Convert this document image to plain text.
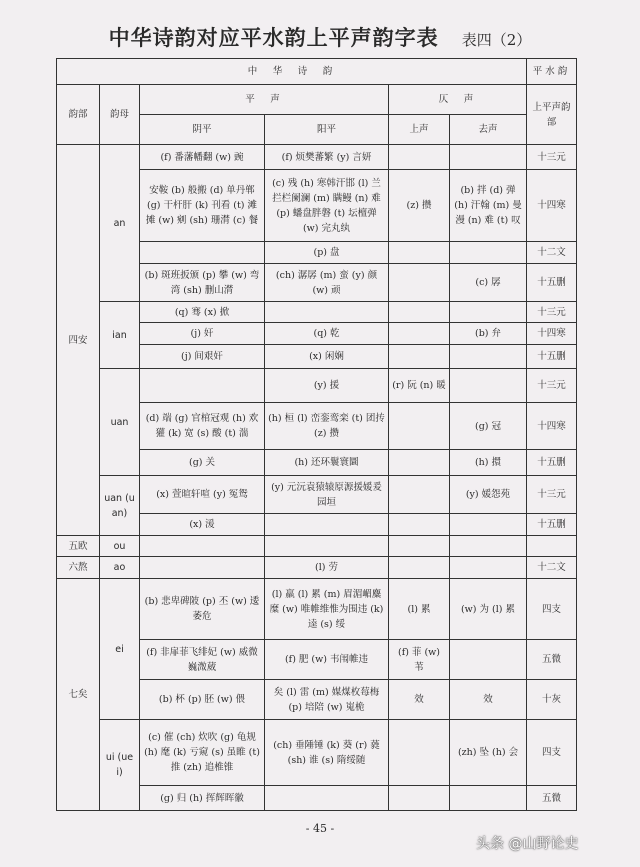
中华诗韵对应平水韵上平声韵字表 表四（2）
中　华　诗　韵						平水韵
韵部	韵母	平　声		仄　声		上平声韵部
		阴平	阳平	上声	去声	
四安	an	(f) 番藩幡翻 (w) 豌	(f) 烦樊蕃繁 (y) 言妍			十三元
		安鞍 (b) 般搬 (d) 单丹郸 (g) 干杆肝 (k) 刊看 (t) 滩摊 (w) 剜 (sh) 珊潸 (c) 餐	(c) 残 (h) 寒韩汗邯 (l) 兰拦栏阑澜 (m) 瞒鳗 (n) 难 (p) 蟠盘胖磐 (t) 坛檀弹 (w) 完丸纨	(z) 攒	(b) 拌 (d) 弹 (h) 汗翰 (m) 曼漫 (n) 难 (t) 叹	十四寒
			(p) 盘			十二文
		(b) 斑班扳颁 (p) 攀 (w) 弯湾 (sh) 删山潸	(ch) 潺孱 (m) 蛮 (y) 颜 (w) 顽		(c) 孱	十五删
	ian	(q) 骞 (x) 掀				十三元
		(j) 奸	(q) 乾		(b) 弁	十四寒
		(j) 间艰奸	(x) 闲娴			十五删
	uan		(y) 援	(r) 阮 (n) 暖		十三元
		(d) 端 (g) 官棺冠观 (h) 欢獾 (k) 宽 (s) 酸 (t) 湍	(h) 桓 (l) 峦銮鸾栾 (t) 团抟 (z) 攒		(g) 冠	十四寒
		(g) 关	(h) 还环鬟寰圜		(h) 擐	十五删
	uan (uan)	(x) 萱暄轩喧 (y) 冤鸳	(y) 元沅袁猿辕原源援媛爰园垣		(y) 媛怨苑	十三元
		(x) 湲				十五删
五欧	ou					
六熬	ao		(l) 劳			十二文
七矣	ei	(b) 悲卑碑陂 (p) 丕 (w) 逶萎危	(l) 羸 (l) 累 (m) 眉湄嵋麋糜 (w) 唯帷维惟为围违 (k) 逵 (s) 绥	(l) 累	(w) 为 (l) 累	四支
		(f) 非扉菲飞绯妃 (w) 威微巍溦葳	(f) 肥 (w) 韦闱帷违	(f) 菲 (w) 苇		五微
		(b) 杯 (p) 胚 (w) 偎	矣 (l) 雷 (m) 媒煤枚莓梅 (p) 培陪 (w) 嵬桅	效	效	十灰
	ui (uei)	(c) 催 (ch) 炊吹 (g) 龟规 (h) 麾 (k) 亏窥 (s) 虽睢 (t) 推 (zh) 追椎锥	(ch) 垂陲锤 (k) 葵 (r) 蕤 (sh) 谁 (s) 隋绥随		(zh) 坠 (h) 会	四支
		(g) 归 (h) 挥辉晖徽				五微
- 45 -
头条 @山野论史
